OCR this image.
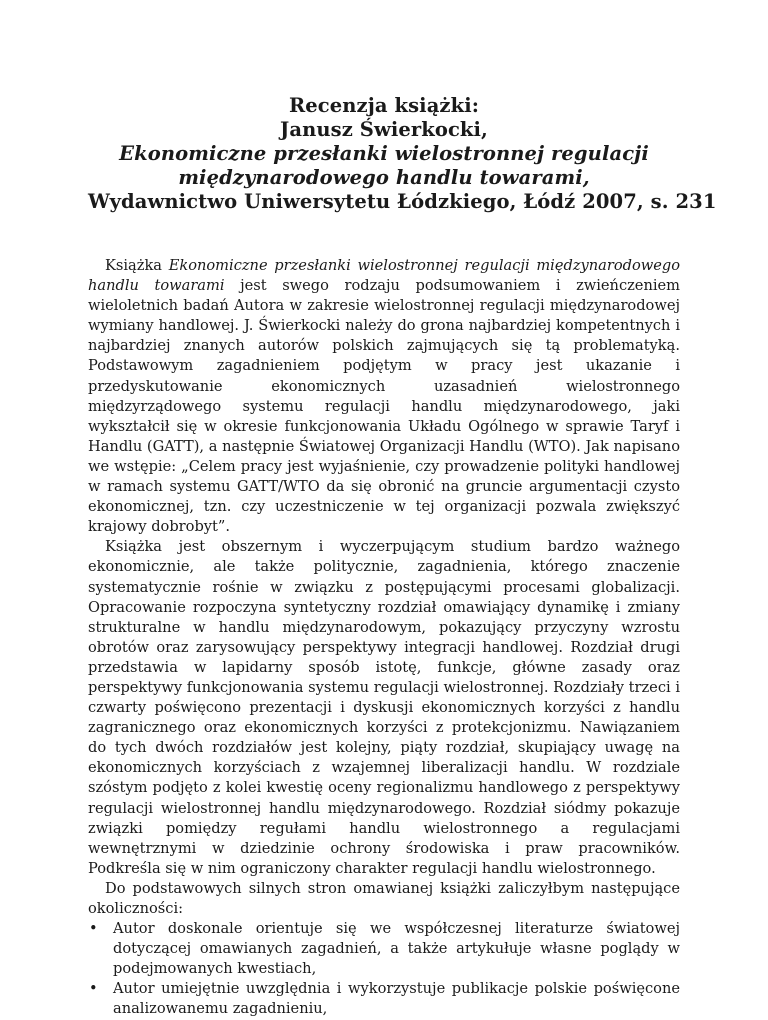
Recenzja książki:
Janusz Świerkocki,
Ekonomiczne przesłanki wielostronnej regulacji
międzynarodowego handlu towarami,
Wydawnictwo Uniwersytetu Łódzkiego, Łódź 2007, s. 231

Książka Ekonomiczne przesłanki wielostronnej regulacji międzynarodowego handlu towarami jest swego rodzaju podsumowaniem i zwieńczeniem wieloletnich badań Autora w zakresie wielostronnej regulacji międzynarodowej wymiany handlowej. J. Świerkocki należy do grona najbardziej kompetentnych i najbardziej znanych autorów polskich zajmujących się tą problematyką. Podstawowym zagadnieniem podjętym w pracy jest ukazanie i przedyskutowanie ekonomicznych uzasadnień wielostronnego międzyrządowego systemu regulacji handlu międzynarodowego, jaki wykształcił się w okresie funkcjonowania Układu Ogólnego w sprawie Taryf i Handlu (GATT), a następnie Światowej Organizacji Handlu (WTO). Jak napisano we wstępie: „Celem pracy jest wyjaśnienie, czy prowadzenie polityki handlowej w ramach systemu GATT/WTO da się obronić na gruncie argumentacji czysto ekonomicznej, tzn. czy uczestniczenie w tej organizacji pozwala zwiększyć krajowy dobrobyt”.

Książka jest obszernym i wyczerpującym studium bardzo ważnego ekonomicznie, ale także politycznie, zagadnienia, którego znaczenie systematycznie rośnie w związku z postępującymi procesami globalizacji. Opracowanie rozpoczyna syntetyczny rozdział omawiający dynamikę i zmiany strukturalne w handlu międzynarodowym, pokazujący przyczyny wzrostu obrotów oraz zarysowujący perspektywy integracji handlowej. Rozdział drugi przedstawia w lapidarny sposób istotę, funkcje, główne zasady oraz perspektywy funkcjonowania systemu regulacji wielostronnej. Rozdziały trzeci i czwarty poświęcono prezentacji i dyskusji ekonomicznych korzyści z handlu zagranicznego oraz ekonomicznych korzyści z protekcjonizmu. Nawiązaniem do tych dwóch rozdziałów jest kolejny, piąty rozdział, skupiający uwagę na ekonomicznych korzyściach z wzajemnej liberalizacji handlu. W rozdziale szóstym podjęto z kolei kwestię oceny regionalizmu handlowego z perspektywy regulacji wielostronnej handlu międzynarodowego. Rozdział siódmy pokazuje związki pomiędzy regułami handlu wielostronnego a regulacjami wewnętrznymi w dziedzinie ochrony środowiska i praw pracowników. Podkreśla się w nim ograniczony charakter regulacji handlu wielostronnego.

Do podstawowych silnych stron omawianej książki zaliczyłbym następujące okoliczności:

•	Autor doskonale orientuje się we współczesnej literaturze światowej dotyczącej omawianych zagadnień, a także artykułuje własne poglądy w podejmowanych kwestiach,
•	Autor umiejętnie uwzględnia i wykorzystuje publikacje polskie poświęcone analizowanemu zagadnieniu,
